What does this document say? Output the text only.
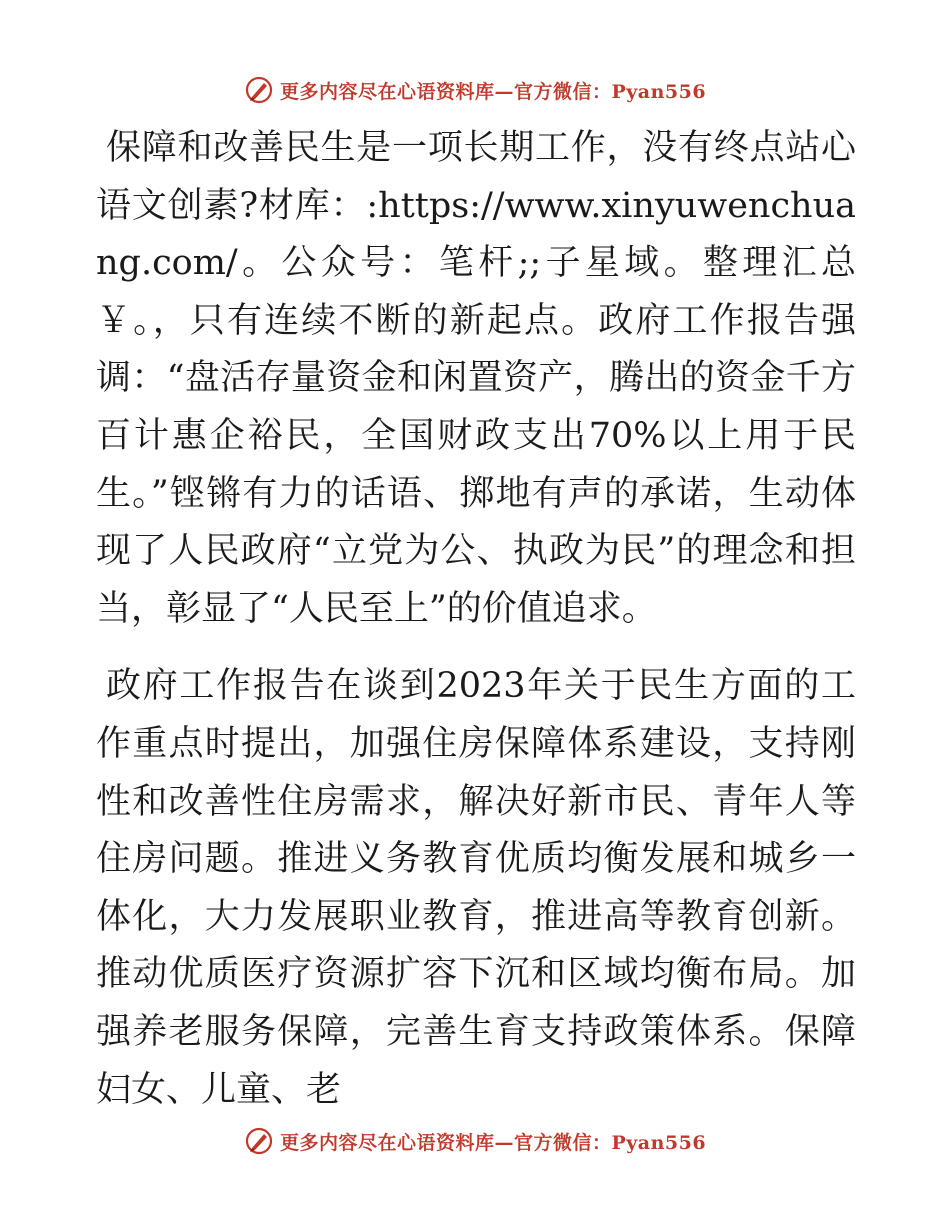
更多内容尽在心语资料库—官方微信：Pyan556

保障和改善民生是一项长期工作，没有终点站心语文创素?材库：:https://www.xinyuwenchuang.com/。公众号：笔杆;;子星域。整理汇总￥。，只有连续不断的新起点。政府工作报告强调：“盘活存量资金和闲置资产，腾出的资金千方百计惠企裕民，全国财政支出70%以上用于民生。”铿锵有力的话语、掷地有声的承诺，生动体现了人民政府“立党为公、执政为民”的理念和担当，彰显了“人民至上”的价值追求。

政府工作报告在谈到2023年关于民生方面的工作重点时提出，加强住房保障体系建设，支持刚性和改善性住房需求，解决好新市民、青年人等住房问题。推进义务教育优质均衡发展和城乡一体化，大力发展职业教育，推进高等教育创新。推动优质医疗资源扩容下沉和区域均衡布局。加强养老服务保障，完善生育支持政策体系。保障妇女、儿童、老

更多内容尽在心语资料库—官方微信：Pyan556
